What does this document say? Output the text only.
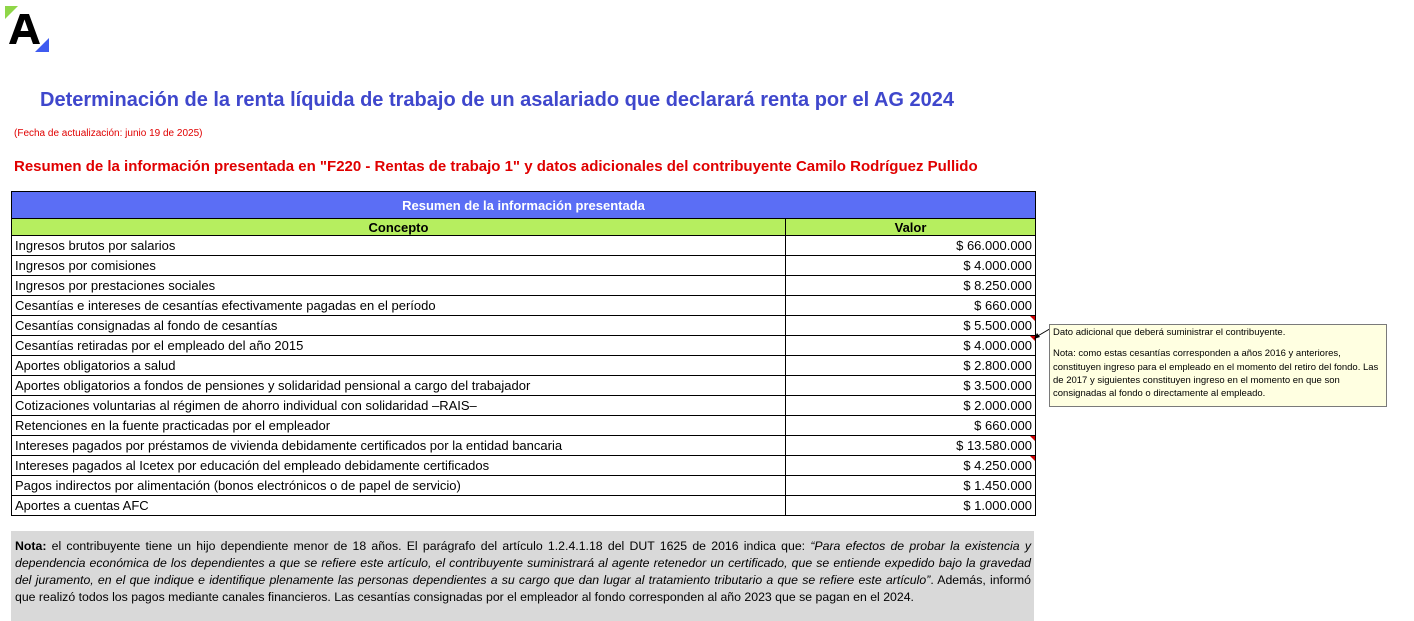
Determinación de la renta líquida de trabajo de un asalariado que declarará renta por el AG 2024
(Fecha de actualización: junio 19 de 2025)
Resumen de la información presentada en "F220 - Rentas de trabajo 1" y datos adicionales del contribuyente Camilo Rodríguez Pullido
Resumen de la información presentada	
Concepto	Valor
Ingresos brutos por salarios	$ 66.000.000
Ingresos por comisiones	$ 4.000.000
Ingresos por prestaciones sociales	$ 8.250.000
Cesantías e intereses de cesantías efectivamente pagadas en el período	$ 660.000
Cesantías consignadas al fondo de cesantías	$ 5.500.000

Cesantías retiradas por el empleado del año 2015	$ 4.000.000

Aportes obligatorios a salud	$ 2.800.000
Aportes obligatorios a fondos de pensiones y solidaridad pensional a cargo del trabajador	$ 3.500.000
Cotizaciones voluntarias al régimen de ahorro individual con solidaridad –RAIS–	$ 2.000.000
Retenciones en la fuente practicadas por el empleador	$ 660.000
Intereses pagados por préstamos de vivienda debidamente certificados por la entidad bancaria	$ 13.580.000

Intereses pagados al Icetex por educación del empleado debidamente certificados	$ 4.250.000

Pagos indirectos por alimentación (bonos electrónicos o de papel de servicio)	$ 1.450.000
Aportes a cuentas AFC	$ 1.000.000

Dato adicional que deberá suministrar el contribuyente.

Nota: como estas cesantías corresponden a años 2016 y anteriores, constituyen ingreso para el empleado en el momento del retiro del fondo. Las de 2017 y siguientes constituyen ingreso en el momento en que son consignadas al fondo o directamente al empleado.

Nota: el contribuyente tiene un hijo dependiente menor de 18 años. El parágrafo del artículo 1.2.4.1.18 del DUT 1625 de 2016 indica que: “Para efectos de probar la existencia y dependencia económica de los dependientes a que se refiere este artículo, el contribuyente suministrará al agente retenedor un certificado, que se entiende expedido bajo la gravedad del juramento, en el que indique e identifique plenamente las personas dependientes a su cargo que dan lugar al tratamiento tributario a que se refiere este artículo”. Además, informó que realizó todos los pagos mediante canales financieros. Las cesantías consignadas por el empleador al fondo corresponden al año 2023 que se pagan en el 2024.
